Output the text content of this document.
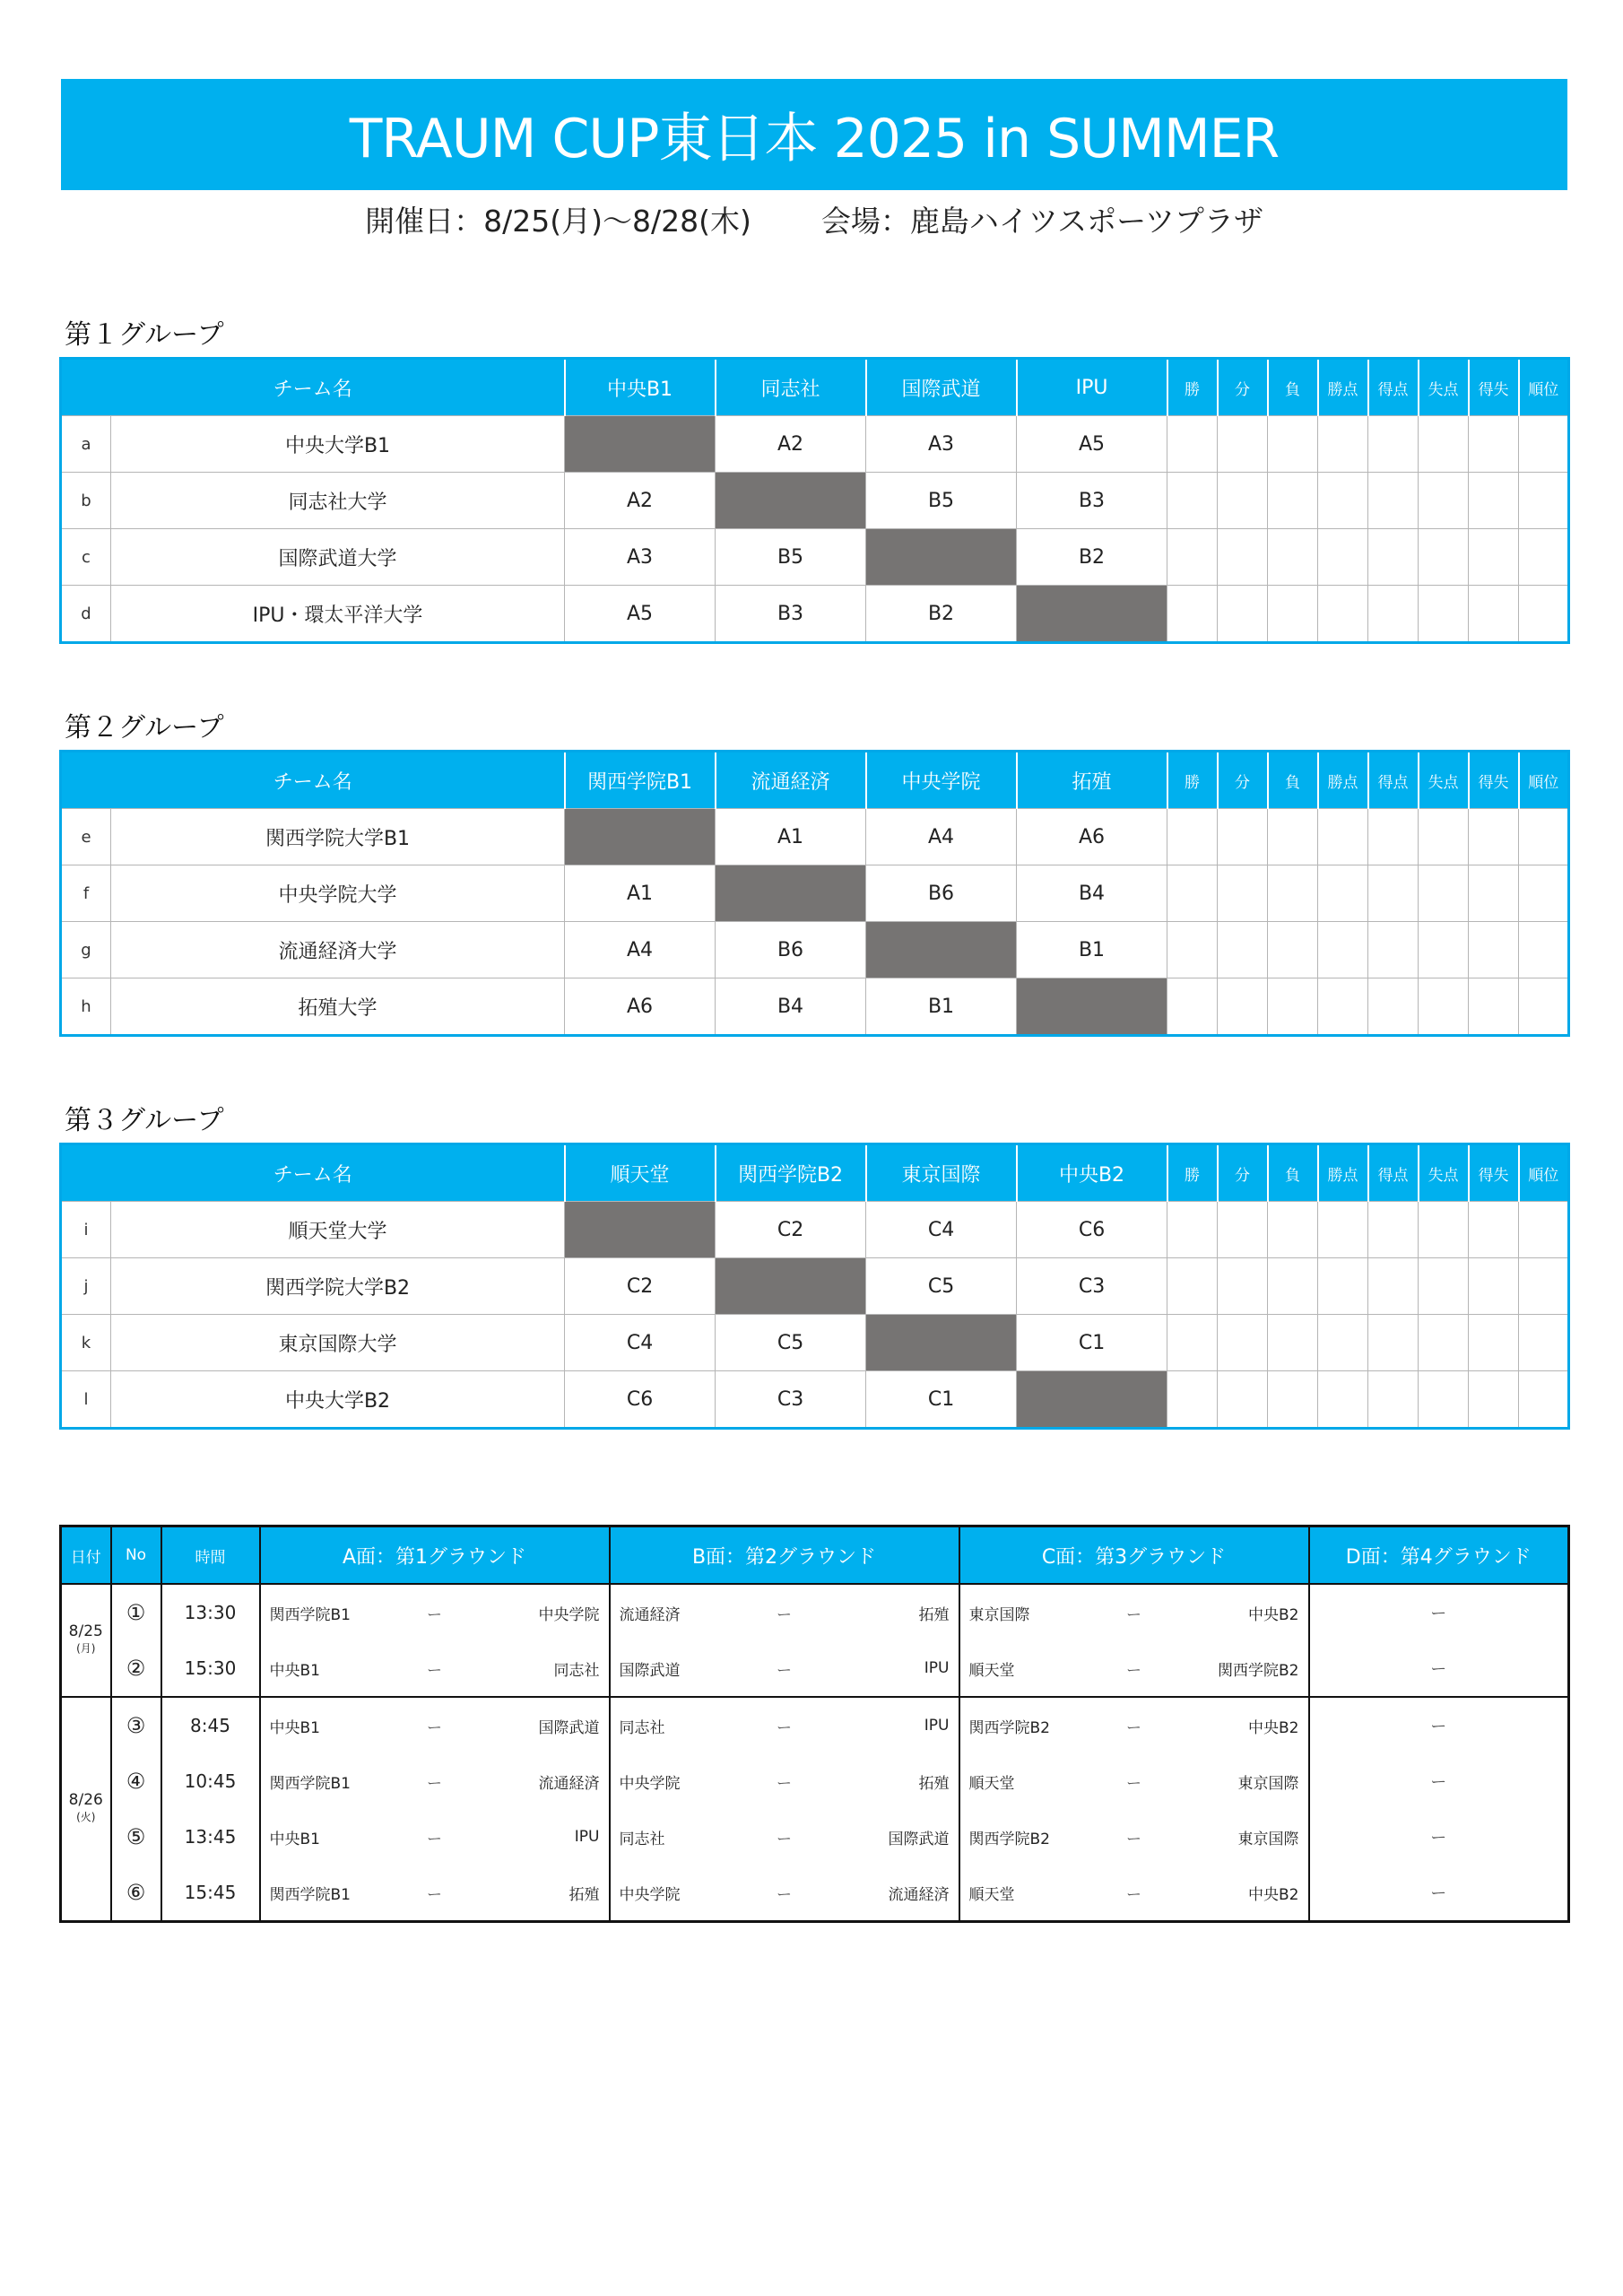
TRAUM CUP東日本 2025 in SUMMER
開催日：8/25(月)～8/28(木) 会場：鹿島ハイツスポーツプラザ
第１グループ
チーム名		中央B1	同志社	国際武道	IPU	勝	分	負	勝点	得点	失点	得失	順位
a	中央大学B1		A2	A3	A5								
b	同志社大学	A2		B5	B3								
c	国際武道大学	A3	B5		B2								
d	IPU・環太平洋大学	A5	B3	B2									
第２グループ
チーム名		関西学院B1	流通経済	中央学院	拓殖	勝	分	負	勝点	得点	失点	得失	順位
e	関西学院大学B1		A1	A4	A6								
f	中央学院大学	A1		B6	B4								
g	流通経済大学	A4	B6		B1								
h	拓殖大学	A6	B4	B1									
第３グループ
チーム名		順天堂	関西学院B2	東京国際	中央B2	勝	分	負	勝点	得点	失点	得失	順位
i	順天堂大学		C2	C4	C6								
j	関西学院大学B2	C2		C5	C3								
k	東京国際大学	C4	C5		C1								
l	中央大学B2	C6	C3	C1									
日付	No	時間	A面：第1グラウンド	B面：第2グラウンド	C面：第3グラウンド	D面：第4グラウンド
8/25
(月)	①	13:30	関西学院B1 ー 中央学院	流通経済 ー 拓殖	東京国際 ー 中央B2	ー
	②	15:30	中央B1 ー 同志社	国際武道 ー IPU	順天堂 ー 関西学院B2	ー
8/26
(火)	③	8:45	中央B1 ー 国際武道	同志社 ー IPU	関西学院B2 ー 中央B2	ー
	④	10:45	関西学院B1 ー 流通経済	中央学院 ー 拓殖	順天堂 ー 東京国際	ー
	⑤	13:45	中央B1 ー IPU	同志社 ー 国際武道	関西学院B2 ー 東京国際	ー
	⑥	15:45	関西学院B1 ー 拓殖	中央学院 ー 流通経済	順天堂 ー 中央B2	ー
